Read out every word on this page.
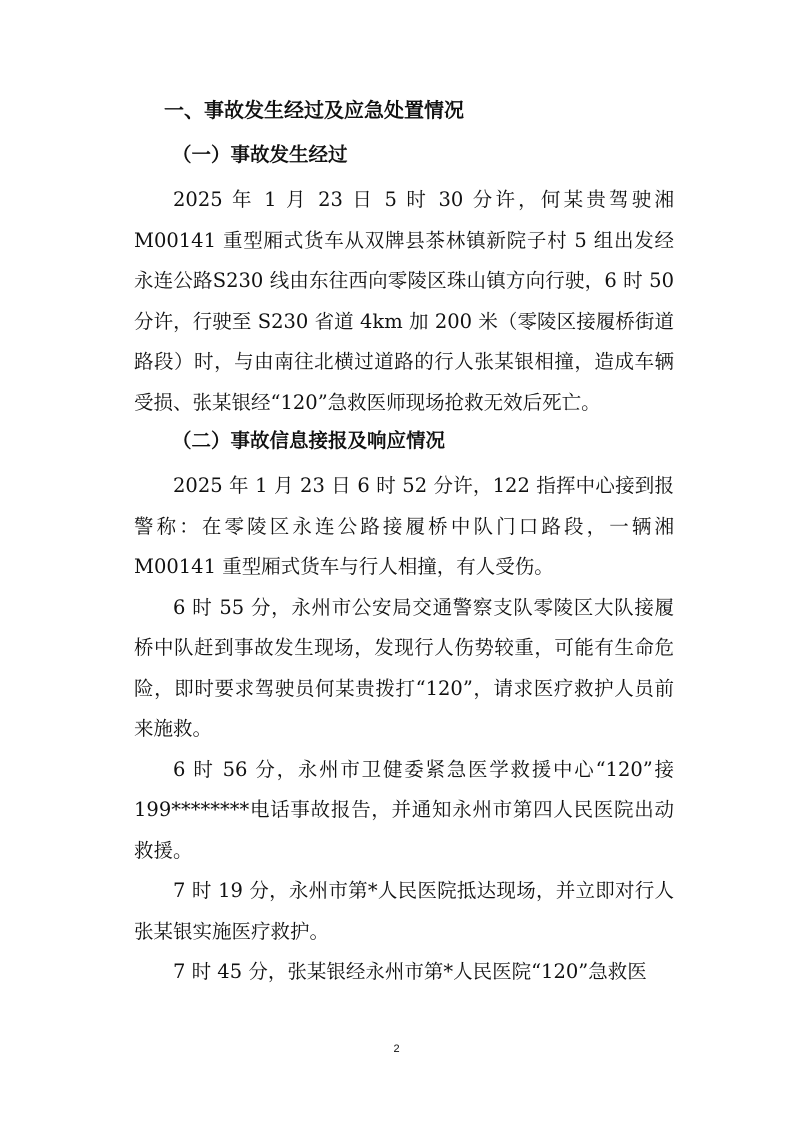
一、事故发生经过及应急处置情况
（一）事故发生经过

2025 年 1 月 23 日 5 时 30 分许，何某贵驾驶湘 M00141 重型厢式货车从双牌县茶林镇新院子村 5 组出发经永连公路S230 线由东往西向零陵区珠山镇方向行驶，6 时 50 分许，行驶至 S230 省道 4km 加 200 米（零陵区接履桥街道路段）时，与由南往北横过道路的行人张某银相撞，造成车辆受损、张某银经“120”急救医师现场抢救无效后死亡。

（二）事故信息接报及响应情况

2025 年 1 月 23 日 6 时 52 分许，122 指挥中心接到报警称：在零陵区永连公路接履桥中队门口路段，一辆湘 M00141 重型厢式货车与行人相撞，有人受伤。

6 时 55 分，永州市公安局交通警察支队零陵区大队接履桥中队赶到事故发生现场，发现行人伤势较重，可能有生命危险，即时要求驾驶员何某贵拨打“120”，请求医疗救护人员前来施救。

6 时 56 分，永州市卫健委紧急医学救援中心“120”接 199********电话事故报告，并通知永州市第四人民医院出动救援。

7 时 19 分，永州市第*人民医院抵达现场，并立即对行人张某银实施医疗救护。

7 时 45 分，张某银经永州市第*人民医院“120”急救医

2
